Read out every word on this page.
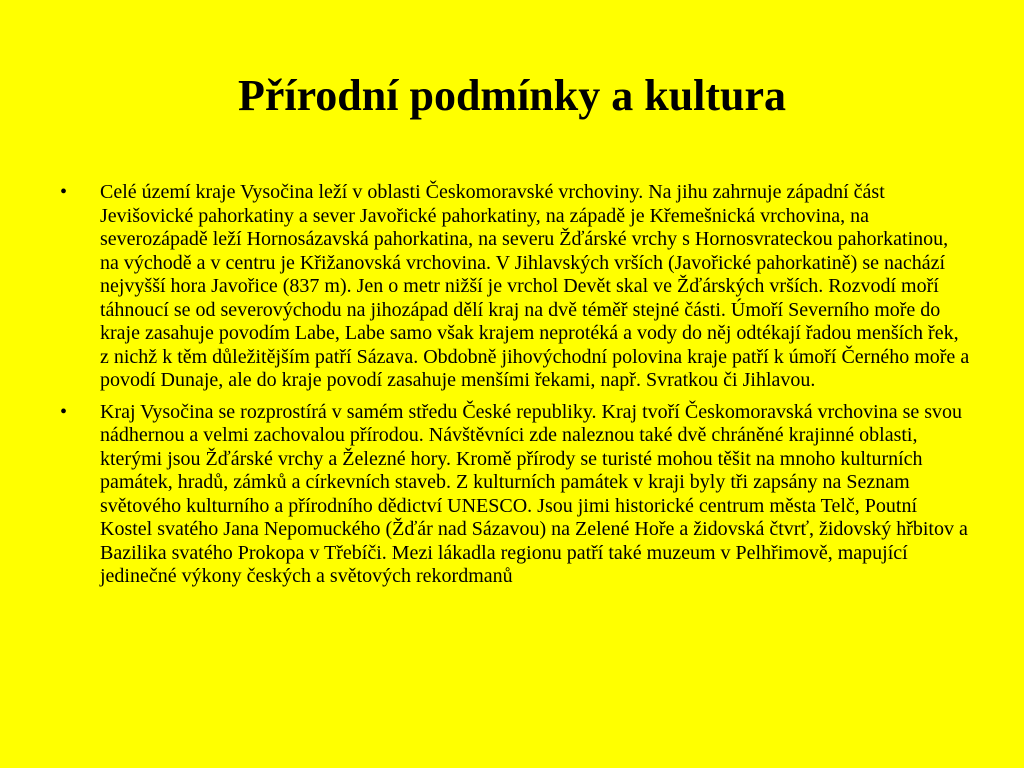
Přírodní podmínky a kultura
• Celé území kraje Vysočina leží v oblasti Českomoravské vrchoviny. Na jihu zahrnuje západní část Jevišovické pahorkatiny a sever Javořické pahorkatiny, na západě je Křemešnická vrchovina, na severozápadě leží Hornosázavská pahorkatina, na severu Žďárské vrchy s Hornosvrateckou pahorkatinou, na východě a v centru je Křižanovská vrchovina. V Jihlavských vrších (Javořické pahorkatině) se nachází nejvyšší hora Javořice (837 m). Jen o metr nižší je vrchol Devět skal ve Žďárských vrších. Rozvodí moří táhnoucí se od severovýchodu na jihozápad dělí kraj na dvě téměř stejné části. Úmoří Severního moře do kraje zasahuje povodím Labe, Labe samo však krajem neprotéká a vody do něj odtékají řadou menších řek, z nichž k těm důležitějším patří Sázava. Obdobně jihovýchodní polovina kraje patří k úmoří Černého moře a povodí Dunaje, ale do kraje povodí zasahuje menšími řekami, např. Svratkou či Jihlavou.
• Kraj Vysočina se rozprostírá v samém středu České republiky. Kraj tvoří Českomoravská vrchovina se svou nádhernou a velmi zachovalou přírodou. Návštěvníci zde naleznou také dvě chráněné krajinné oblasti, kterými jsou Žďárské vrchy a Železné hory. Kromě přírody se turisté mohou těšit na mnoho kulturních památek, hradů, zámků a církevních staveb. Z kulturních památek v kraji byly tři zapsány na Seznam světového kulturního a přírodního dědictví UNESCO. Jsou jimi historické centrum města Telč, Poutní Kostel svatého Jana Nepomuckého (Žďár nad Sázavou) na Zelené Hoře a židovská čtvrť, židovský hřbitov a Bazilika svatého Prokopa v Třebíči. Mezi lákadla regionu patří také muzeum v Pelhřimově, mapující jedinečné výkony českých a světových rekordmanů
